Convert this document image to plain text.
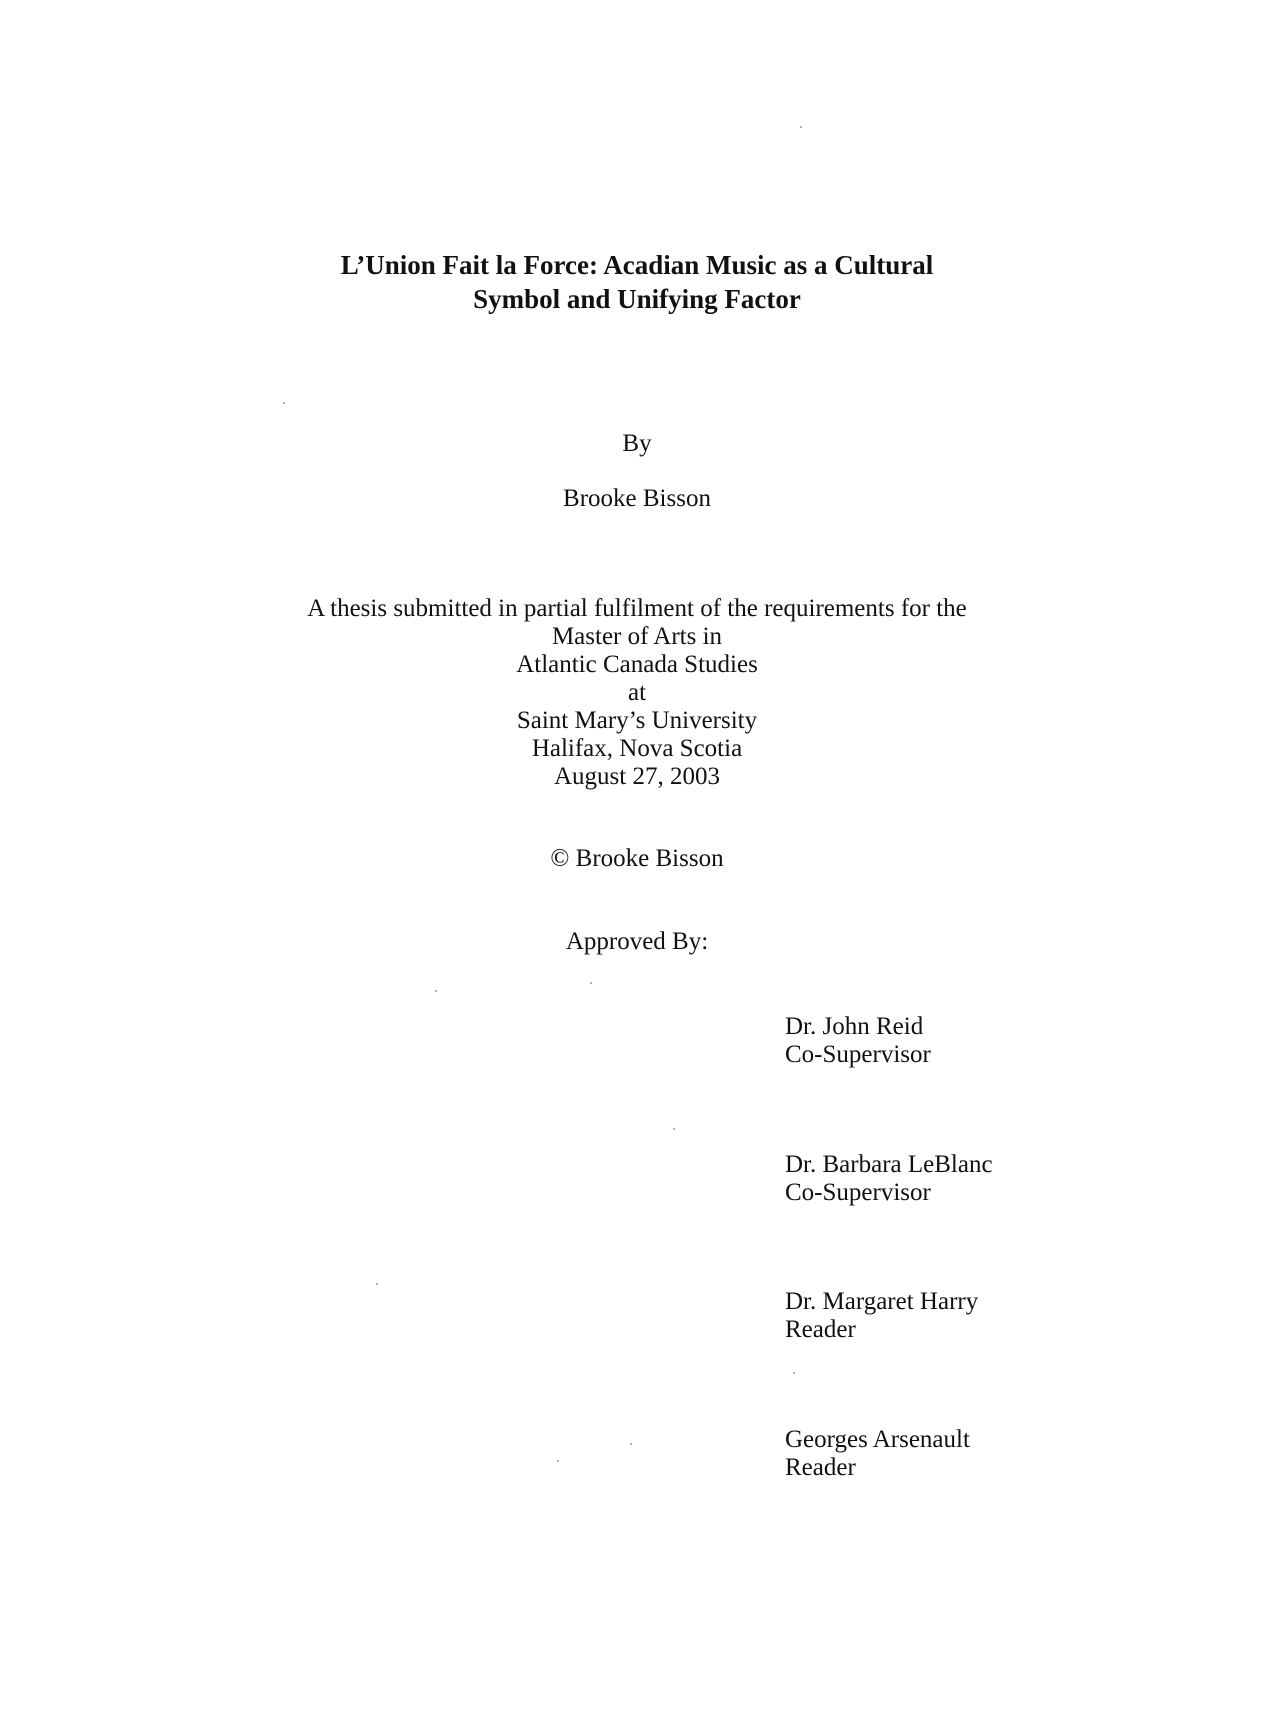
L’Union Fait la Force: Acadian Music as a Cultural
Symbol and Unifying Factor
By
Brooke Bisson
A thesis submitted in partial fulfilment of the requirements for the
Master of Arts in
Atlantic Canada Studies
at
Saint Mary’s University
Halifax, Nova Scotia
August 27, 2003
© Brooke Bisson
Approved By:
Dr. John Reid
Co-Supervisor
Dr. Barbara LeBlanc
Co-Supervisor
Dr. Margaret Harry
Reader
Georges Arsenault
Reader
